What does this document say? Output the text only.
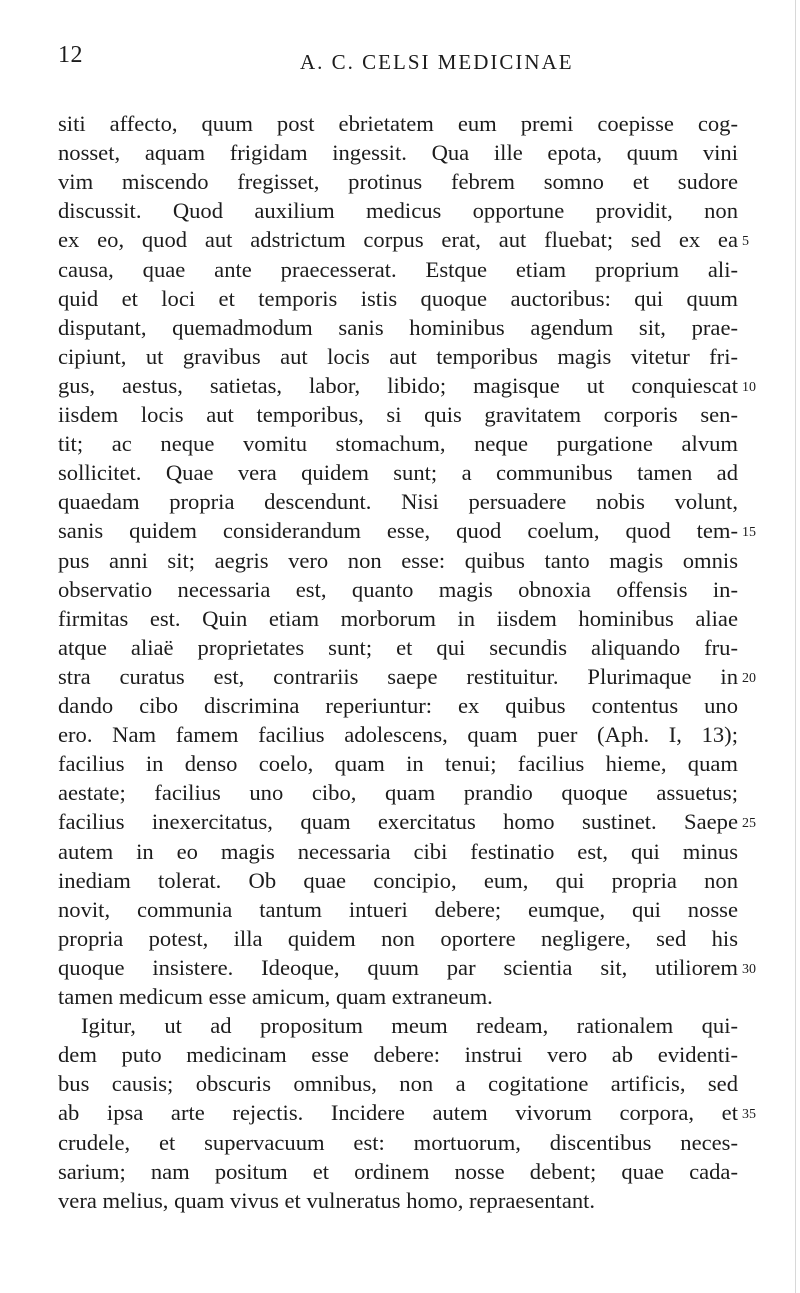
12	A. C. CELSI MEDICINAE
siti affecto, quum post ebrietatem eum premi coepisse cog-
nosset, aquam frigidam ingessit. Qua ille epota, quum vini
vim miscendo fregisset, protinus febrem somno et sudore
discussit. Quod auxilium medicus opportune providit, non
ex eo, quod aut adstrictum corpus erat, aut fluebat; sed ex ea 5
causa, quae ante praecesserat. Estque etiam proprium ali-
quid et loci et temporis istis quoque auctoribus: qui quum
disputant, quemadmodum sanis hominibus agendum sit, prae-
cipiunt, ut gravibus aut locis aut temporibus magis vitetur fri-
gus, aestus, satietas, labor, libido; magisque ut conquiescat 10
iisdem locis aut temporibus, si quis gravitatem corporis sen-
tit; ac neque vomitu stomachum, neque purgatione alvum
sollicitet. Quae vera quidem sunt; a communibus tamen ad
quaedam propria descendunt. Nisi persuadere nobis volunt,
sanis quidem considerandum esse, quod coelum, quod tem- 15
pus anni sit; aegris vero non esse: quibus tanto magis omnis
observatio necessaria est, quanto magis obnoxia offensis in-
firmitas est. Quin etiam morborum in iisdem hominibus aliae
atque aliaë proprietates sunt; et qui secundis aliquando fru-
stra curatus est, contrariis saepe restituitur. Plurimaque in 20
dando cibo discrimina reperiuntur: ex quibus contentus uno
ero. Nam famem facilius adolescens, quam puer (Aph. I, 13);
facilius in denso coelo, quam in tenui; facilius hieme, quam
aestate; facilius uno cibo, quam prandio quoque assuetus;
facilius inexercitatus, quam exercitatus homo sustinet. Saepe 25
autem in eo magis necessaria cibi festinatio est, qui minus
inediam tolerat. Ob quae concipio, eum, qui propria non
novit, communia tantum intueri debere; eumque, qui nosse
propria potest, illa quidem non oportere negligere, sed his
quoque insistere. Ideoque, quum par scientia sit, utiliorem 30
tamen medicum esse amicum, quam extraneum.
Igitur, ut ad propositum meum redeam, rationalem qui-
dem puto medicinam esse debere: instrui vero ab evidenti-
bus causis; obscuris omnibus, non a cogitatione artificis, sed
ab ipsa arte rejectis. Incidere autem vivorum corpora, et 35
crudele, et supervacuum est: mortuorum, discentibus neces-
sarium; nam positum et ordinem nosse debent; quae cada-
vera melius, quam vivus et vulneratus homo, repraesentant.
